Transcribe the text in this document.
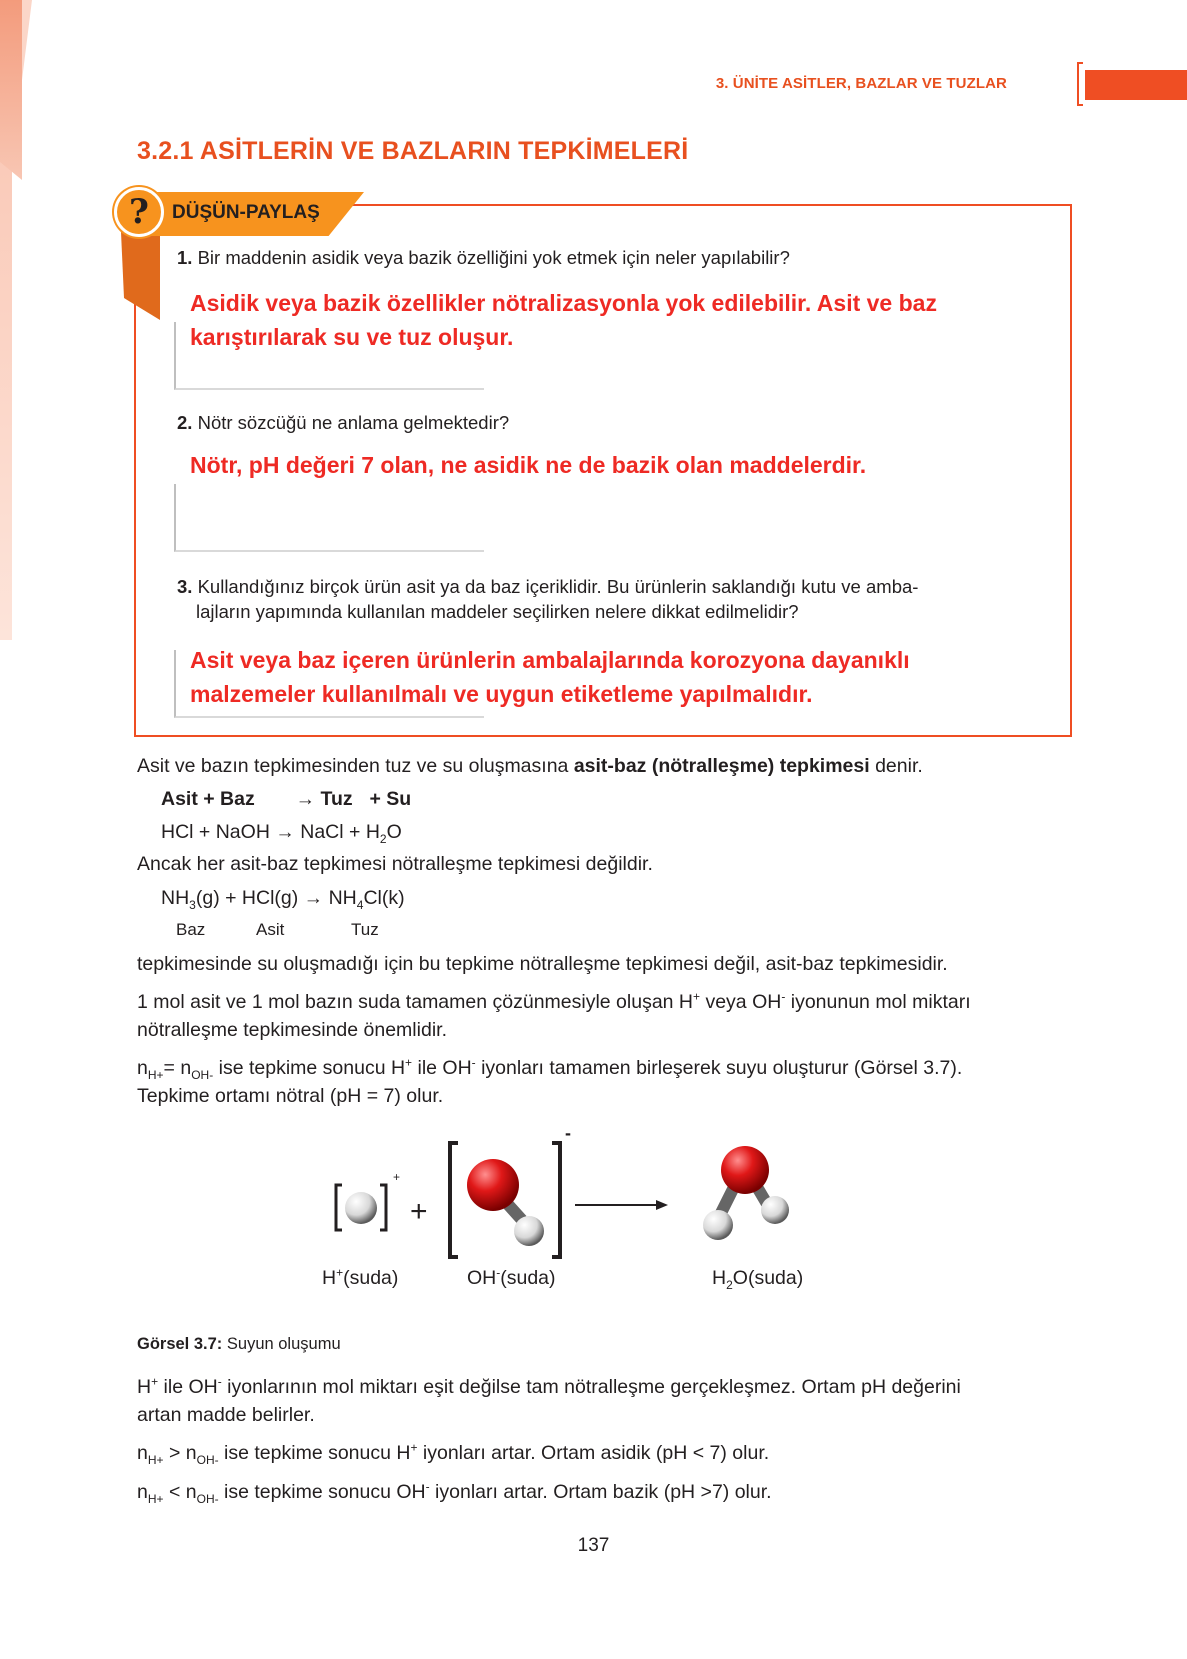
3. ÜNİTE ASİTLER, BAZLAR VE TUZLAR
3.2.1 ASİTLERİN VE BAZLARIN TEPKİMELERİ
?	DÜŞÜN-PAYLAŞ
1. Bir maddenin asidik veya bazik özelliğini yok etmek için neler yapılabilir?
Asidik veya bazik özellikler nötralizasyonla yok edilebilir. Asit ve baz
karıştırılarak su ve tuz oluşur.
2. Nötr sözcüğü ne anlama gelmektedir?
Nötr, pH değeri 7 olan, ne asidik ne de bazik olan maddelerdir.
3. Kullandığınız birçok ürün asit ya da baz içeriklidir. Bu ürünlerin saklandığı kutu ve amba-
lajların yapımında kullanılan maddeler seçilirken nelere dikkat edilmelidir?
Asit veya baz içeren ürünlerin ambalajlarında korozyona dayanıklı
malzemeler kullanılmalı ve uygun etiketleme yapılmalıdır.
Asit ve bazın tepkimesinden tuz ve su oluşmasına asit-baz (nötralleşme) tepkimesi denir.
Asit + Baz → Tuz + Su
HCl + NaOH → NaCl + $H_2O$
Ancak her asit-baz tepkimesi nötralleşme tepkimesi değildir.
$NH_3(g) + HCl(g) \to NH_4Cl(k)$
Baz	Asit	Tuz
tepkimesinde su oluşmadığı için bu tepkime nötralleşme tepkimesi değil, asit-baz tepkimesidir.
1 mol asit ve 1 mol bazın suda tamamen çözünmesiyle oluşan H+ veya OH- iyonunun mol miktarı
nötralleşme tepkimesinde önemlidir.
$n_{H+}= n_{OH-}$ ise tepkime sonucu H+ ile OH- iyonları tamamen birleşerek suyu oluşturur (Görsel 3.7).
Tepkime ortamı nötral (pH = 7) olur.
+
+
-
H+(suda)	OH-(suda)	$H_2O(suda)$
Görsel 3.7: Suyun oluşumu
H+ ile OH- iyonlarının mol miktarı eşit değilse tam nötralleşme gerçekleşmez. Ortam pH değerini
artan madde belirler.
$n_{H+} > n_{OH-}$ ise tepkime sonucu H+ iyonları artar. Ortam asidik (pH < 7) olur.
$n_{H+} < n_{OH-}$ ise tepkime sonucu OH- iyonları artar. Ortam bazik (pH >7) olur.
137
